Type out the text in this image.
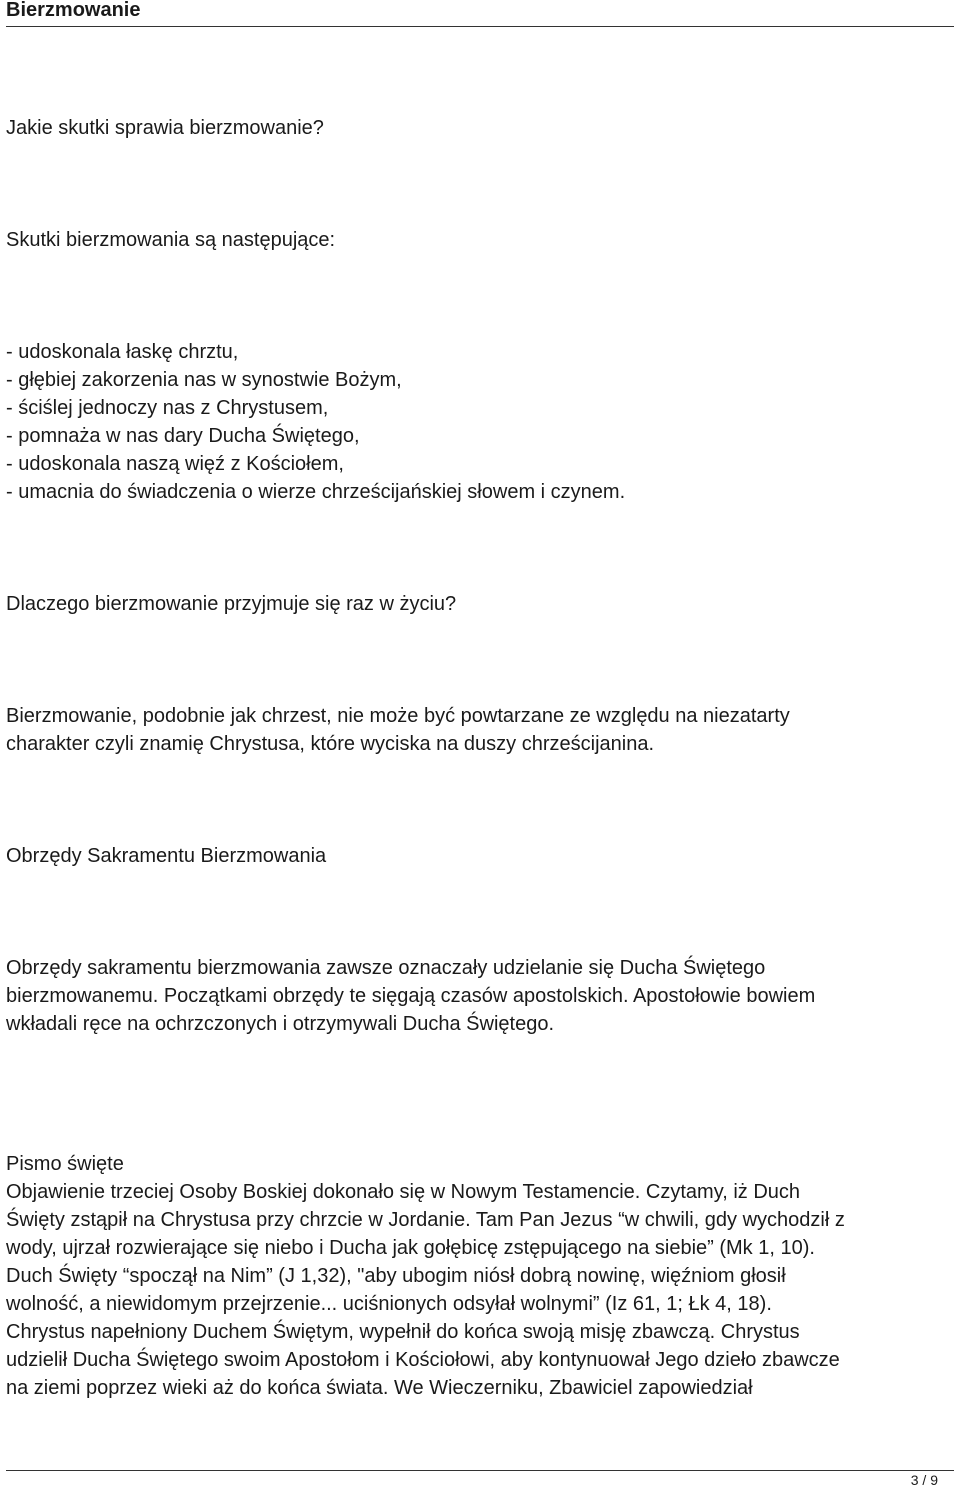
Bierzmowanie
Jakie skutki sprawia bierzmowanie?
Skutki bierzmowania są następujące:
- udoskonala łaskę chrztu,
- głębiej zakorzenia nas w synostwie Bożym,
- ściślej jednoczy nas z Chrystusem,
- pomnaża w nas dary Ducha Świętego,
- udoskonala naszą więź z Kościołem,
- umacnia do świadczenia o wierze chrześcijańskiej słowem i czynem.
Dlaczego bierzmowanie przyjmuje się raz w życiu?
Bierzmowanie, podobnie jak chrzest, nie może być powtarzane ze względu na niezatarty
charakter czyli znamię Chrystusa, które wyciska na duszy chrześcijanina.
Obrzędy Sakramentu Bierzmowania
Obrzędy sakramentu bierzmowania zawsze oznaczały udzielanie się Ducha Świętego
bierzmowanemu. Początkami obrzędy te sięgają czasów apostolskich. Apostołowie bowiem
wkładali ręce na ochrzczonych i otrzymywali Ducha Świętego.
Pismo święte
Objawienie trzeciej Osoby Boskiej dokonało się w Nowym Testamencie. Czytamy, iż Duch
Święty zstąpił na Chrystusa przy chrzcie w Jordanie. Tam Pan Jezus “w chwili, gdy wychodził z
wody, ujrzał rozwierające się niebo i Ducha jak gołębicę zstępującego na siebie” (Mk 1, 10).
Duch Święty “spoczął na Nim” (J 1,32), "aby ubogim niósł dobrą nowinę, więźniom głosił
wolność, a niewidomym przejrzenie... uciśnionych odsyłał wolnymi” (Iz 61, 1; Łk 4, 18).
Chrystus napełniony Duchem Świętym, wypełnił do końca swoją misję zbawczą. Chrystus
udzielił Ducha Świętego swoim Apostołom i Kościołowi, aby kontynuował Jego dzieło zbawcze
na ziemi poprzez wieki aż do końca świata. We Wieczerniku, Zbawiciel zapowiedział
3 / 9
